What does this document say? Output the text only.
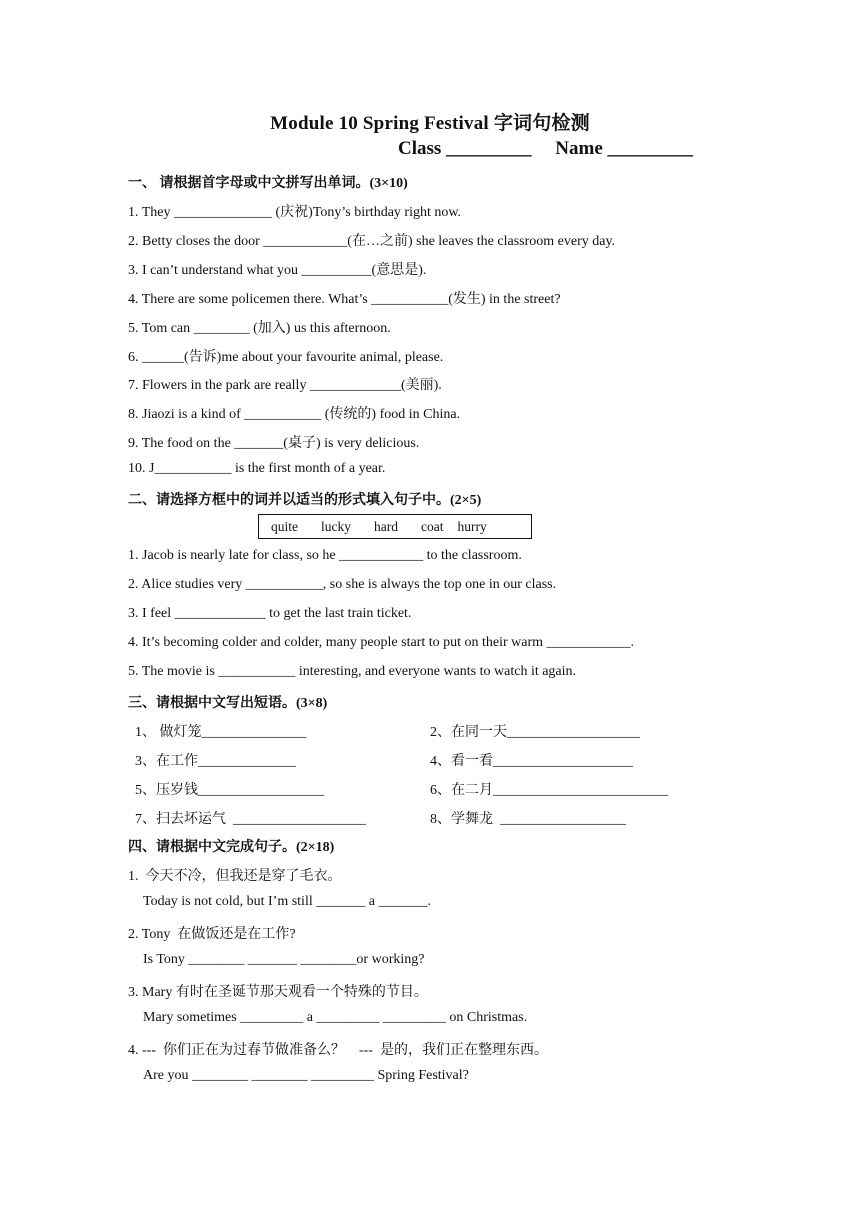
Module 10 Spring Festival 字词句检测
Class _________     Name _________
一、 请根据首字母或中文拼写出单词。(3×10)
1. They ______________ (庆祝)Tony’s birthday right now.
2. Betty closes the door ____________(在…之前) she leaves the classroom every day.
3. I can’t understand what you __________(意思是).
4. There are some policemen there. What’s ___________(发生) in the street?
5. Tom can ________ (加入) us this afternoon.
6. ______(告诉)me about your favourite animal, please.
7. Flowers in the park are really _____________(美丽).
8. Jiaozi is a kind of ___________ (传统的) food in China.
9. The food on the _______(桌子) is very delicious.
10. J___________ is the first month of a year.
二、请选择方框中的词并以适当的形式填入句子中。(2×5)
quite lucky hard coat hurry
1. Jacob is nearly late for class, so he ____________ to the classroom.
2. Alice studies very ___________, so she is always the top one in our class.
3. I feel _____________ to get the last train ticket.
4. It’s becoming colder and colder, many people start to put on their warm ____________.
5. The movie is ___________ interesting, and everyone wants to watch it again.
三、请根据中文写出短语。(3×8)
1、 做灯笼_______________	2、在同一天___________________
3、在工作______________	4、看一看____________________
5、压岁钱__________________	6、在二月_________________________
7、扫去坏运气  ___________________	8、学舞龙  __________________
四、请根据中文完成句子。(2×18)
1.  今天不冷，但我还是穿了毛衣。
Today is not cold, but I’m still _______ a _______.
2. Tony  在做饭还是在工作?
Is Tony ________ _______ ________or working?
3. Mary 有时在圣诞节那天观看一个特殊的节目。
Mary sometimes _________ a _________ _________ on Christmas.
4. ---  你们正在为过春节做准备么？    ---  是的，我们正在整理东西。
Are you ________ ________ _________ Spring Festival?
